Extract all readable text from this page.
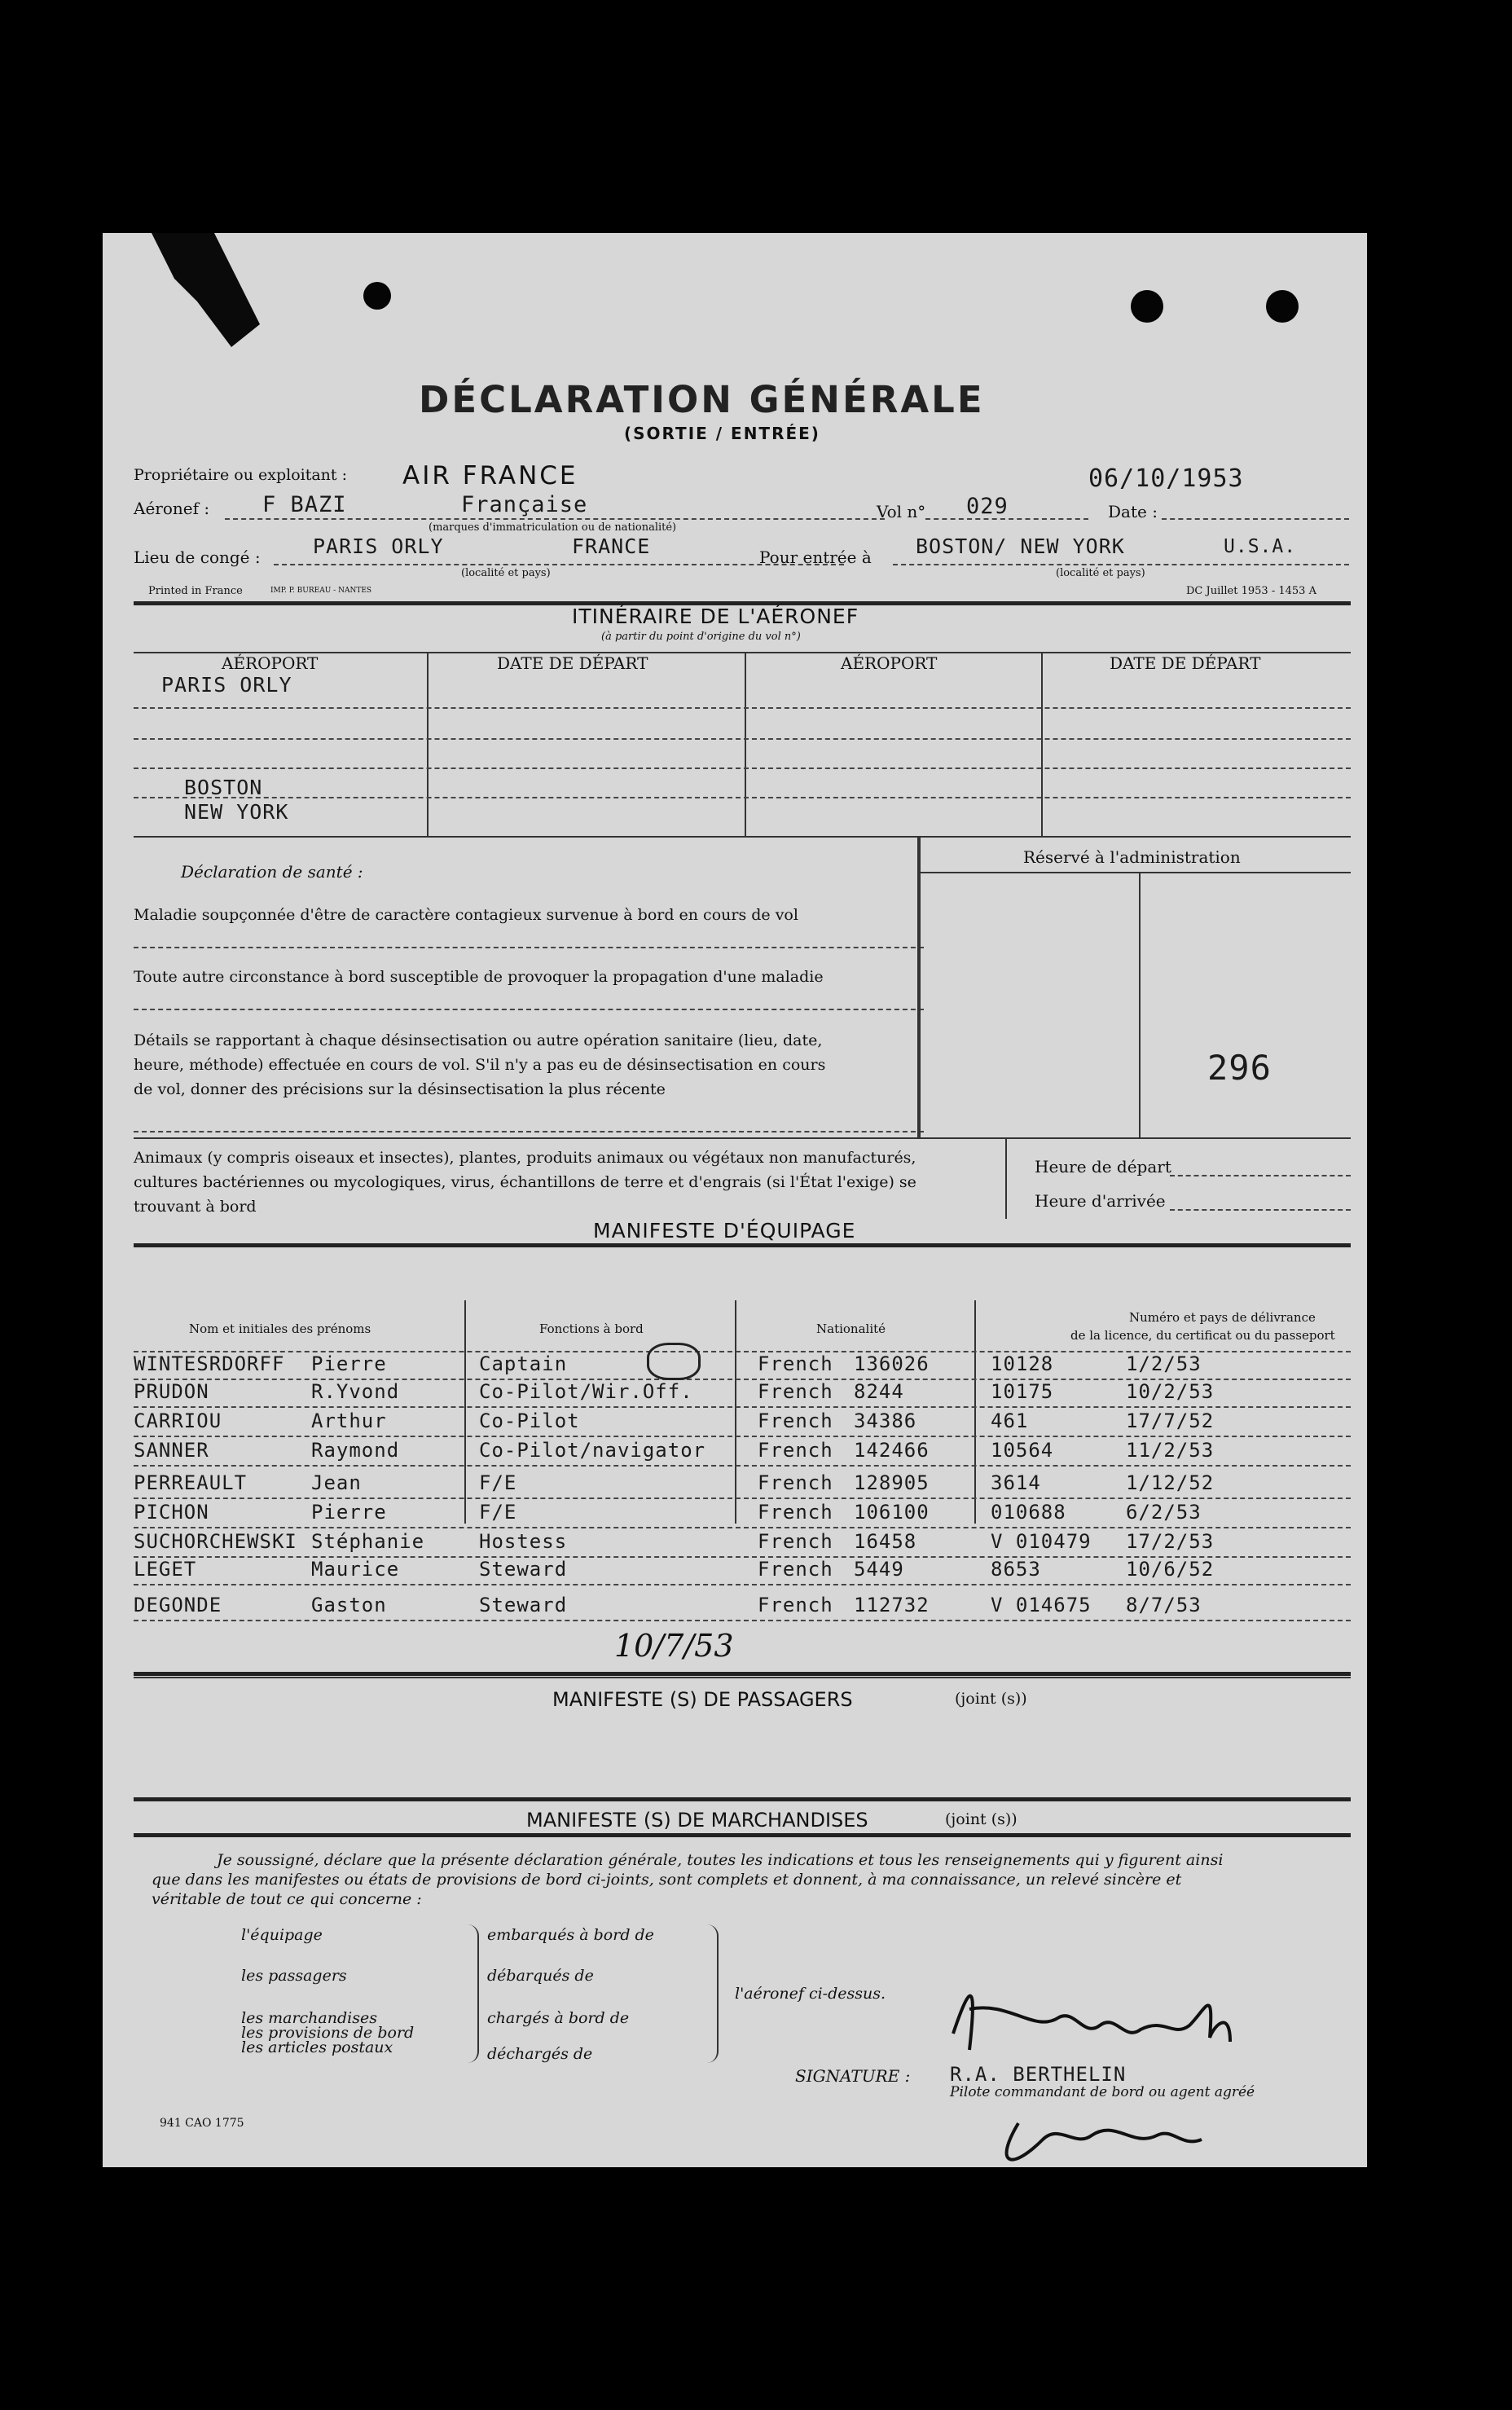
DÉCLARATION GÉNÉRALE
(SORTIE / ENTRÉE)
Propriétaire ou exploitant : AIR FRANCE	06/10/1953
Aéronef : F BAZI	Française
(marques d'immatriculation ou de nationalité)
Vol n° 029	Date :
Lieu de congé :	PARIS ORLY	FRANCE
(localité et pays)
Pour entrée à BOSTON/ NEW YORK	U.S.A.
(localité et pays)
Printed in France	IMP. P. BUREAU - NANTES	DC Juillet 1953 - 1453 A
ITINÉRAIRE DE L'AÉRONEF
(à partir du point d'origine du vol n°)
AÉROPORT	DATE DE DÉPART	AÉROPORT	DATE DE DÉPART
PARIS ORLY
BOSTON
NEW YORK
Déclaration de santé :
Maladie soupçonnée d'être de caractère contagieux survenue à bord en cours de vol
Toute autre circonstance à bord susceptible de provoquer la propagation d'une maladie
Détails se rapportant à chaque désinsectisation ou autre opération sanitaire (lieu, date,
heure, méthode) effectuée en cours de vol. S'il n'y a pas eu de désinsectisation en cours
de vol, donner des précisions sur la désinsectisation la plus récente
Réservé à l'administration
296
Animaux (y compris oiseaux et insectes), plantes, produits animaux ou végétaux non manufacturés,
cultures bactériennes ou mycologiques, virus, échantillons de terre et d'engrais (si l'État l'exige) se
trouvant à bord
Heure de départ
Heure d'arrivée
MANIFESTE D'ÉQUIPAGE
Nom et initiales des prénoms	Fonctions à bord	Nationalité
Numéro et pays de délivrance
de la licence, du certificat ou du passeport
WINTESRDORFF Pierre	Captain	French 136026	10128	1/2/53
PRUDON	R.Yvond	Co-Pilot/Wir.Off.	French 8244	10175	10/2/53
CARRIOU	Arthur	Co-Pilot	French 34386	461	17/7/52
SANNER	Raymond	Co-Pilot/navigator	French 142466	10564	11/2/53
PERREAULT	Jean	F/E	French 128905	3614	1/12/52
PICHON	Pierre	F/E	French 106100	010688	6/2/53
SUCHORCHEWSKI Stéphanie	Hostess	French 16458	V 010479 17/2/53
LEGET	Maurice	Steward	French 5449	8653	10/6/52
DEGONDE	Gaston	Steward	French 112732	V 014675 8/7/53
10/7/53
MANIFESTE (S) DE PASSAGERS	(joint (s))
MANIFESTE (S) DE MARCHANDISES	(joint (s))
Je soussigné, déclare que la présente déclaration générale, toutes les indications et tous les renseignements qui y figurent ainsi
que dans les manifestes ou états de provisions de bord ci-joints, sont complets et donnent, à ma connaissance, un relevé sincère et
véritable de tout ce qui concerne :
l'équipage
les passagers
les marchandises
les provisions de bord
les articles postaux
embarqués à bord de
débarqués de
chargés à bord de
déchargés de
l'aéronef ci-dessus.
SIGNATURE : R.A. BERTHELIN
Pilote commandant de bord ou agent agréé
941 CAO 1775
